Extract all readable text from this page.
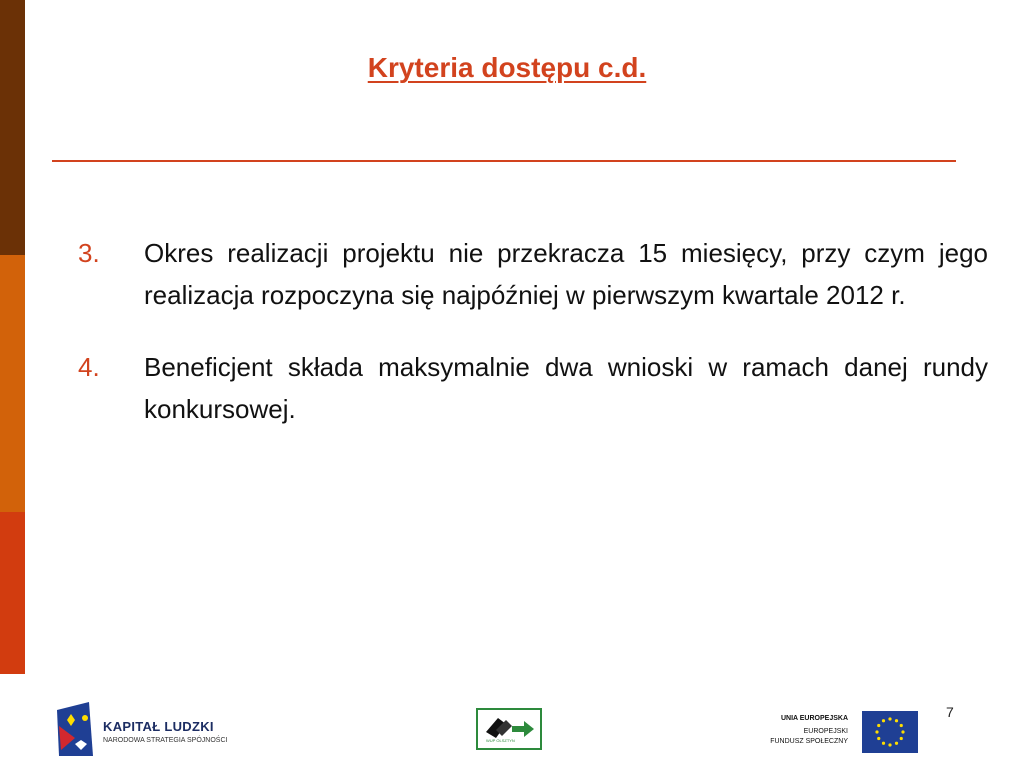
Kryteria dostępu c.d.
3.	Okres realizacji projektu nie przekracza 15 miesięcy, przy czym jego realizacja rozpoczyna się najpóźniej w pierwszym kwartale 2012 r.
4.	Beneficjent składa maksymalnie dwa wnioski w ramach danej rundy konkursowej.
7
KAPITAŁ LUDZKI
NARODOWA STRATEGIA SPÓJNOŚCI	WUP OLSZTYN
UNIA EUROPEJSKA
EUROPEJSKI
FUNDUSZ SPOŁECZNY
